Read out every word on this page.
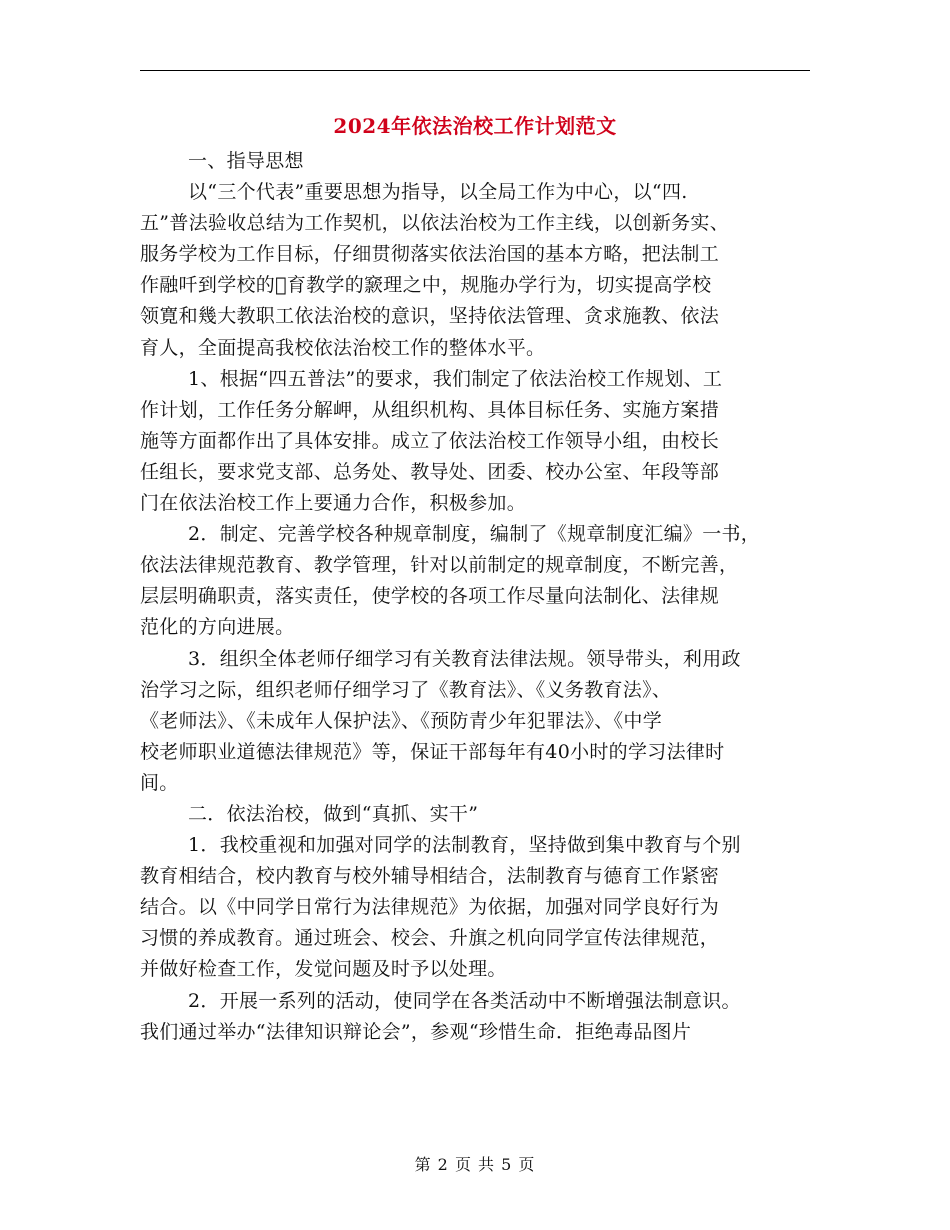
2024年依法治校工作计划范文
一、指导思想
以“三个代表”重要思想为指导，以全局工作为中心，以“四.
五”普法验收总结为工作契机，以依法治校为工作主线，以创新务实、
服务学校为工作目标，仔细贯彻落实依法治国的基本方略，把法制工
作融吀到学校的𢈎育教学的窾理之中，规胣办学行为，切实提高学校
领寛和幾大教职工依法治校的意识，坚持依法管理、贪求施教、依法
育人，全面提高我校依法治校工作的整体水平。
1、根据“四五普法”的要求，我们制定了依法治校工作规划、工
作计划，工作任务分解岬，从组织机构、具体目标任务、实施方案措
施等方面都作出了具体安排。成立了依法治校工作领导小组，由校长
任组长，要求党支部、总务处、教导处、团委、校办公室、年段等部
门在依法治校工作上要通力合作，积极参加。
2．制定、完善学校各种规章制度，编制了《规章制度汇编》一书，
依法法律规范教育、教学管理，针对以前制定的规章制度，不断完善，
层层明确职责，落实责任，使学校的各项工作尽量向法制化、法律规
范化的方向进展。
3．组织全体老师仔细学习有关教育法律法规。领导带头，利用政
治学习之际，组织老师仔细学习了《教育法》、《义务教育法》、
《老师法》、《未成年人保护法》、《预防青少年犯罪法》、《中学
校老师职业道德法律规范》等，保证干部每年有40小时的学习法律时
间。
二．依法治校，做到“真抓、实干”
1．我校重视和加强对同学的法制教育，坚持做到集中教育与个别
教育相结合，校内教育与校外辅导相结合，法制教育与德育工作紧密
结合。以《中同学日常行为法律规范》为依据，加强对同学良好行为
习惯的养成教育。通过班会、校会、升旗之机向同学宣传法律规范，
并做好检查工作，发觉问题及时予以处理。
2．开展一系列的活动，使同学在各类活动中不断增强法制意识。
我们通过举办“法律知识辩论会”，参观“珍惜生命．拒绝毒品图片
第 2 页 共 5 页
